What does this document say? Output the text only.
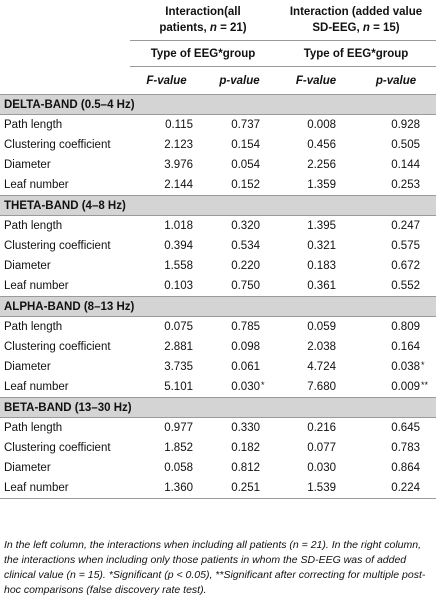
	Interaction(all
patients, n = 21)		Interaction (added value
SD-EEG, n = 15)	
	Type of EEG*group		Type of EEG*group	
	F-value	p-value	F-value	p-value
DELTA-BAND (0.5–4 Hz)				
Path length	0.115	0.737	0.008	0.928
Clustering coefficient	2.123	0.154	0.456	0.505
Diameter	3.976	0.054	2.256	0.144
Leaf number	2.144	0.152	1.359	0.253
THETA-BAND (4–8 Hz)				
Path length	1.018	0.320	1.395	0.247
Clustering coefficient	0.394	0.534	0.321	0.575
Diameter	1.558	0.220	0.183	0.672
Leaf number	0.103	0.750	0.361	0.552
ALPHA-BAND (8–13 Hz)				
Path length	0.075	0.785	0.059	0.809
Clustering coefficient	2.881	0.098	2.038	0.164
Diameter	3.735	0.061	4.724	0.038 *

Leaf number	5.101	0.030 *	7.680	0.009 **

BETA-BAND (13–30 Hz)				
Path length	0.977	0.330	0.216	0.645
Clustering coefficient	1.852	0.182	0.077	0.783
Diameter	0.058	0.812	0.030	0.864
Leaf number	1.360	0.251	1.539	0.224
In the left column, the interactions when including all patients (n = 21). In the right column, the interactions when including only those patients in whom the SD-EEG was of added clinical value (n = 15). *Significant (p < 0.05), **Significant after correcting for multiple post-hoc comparisons (false discovery rate test).
